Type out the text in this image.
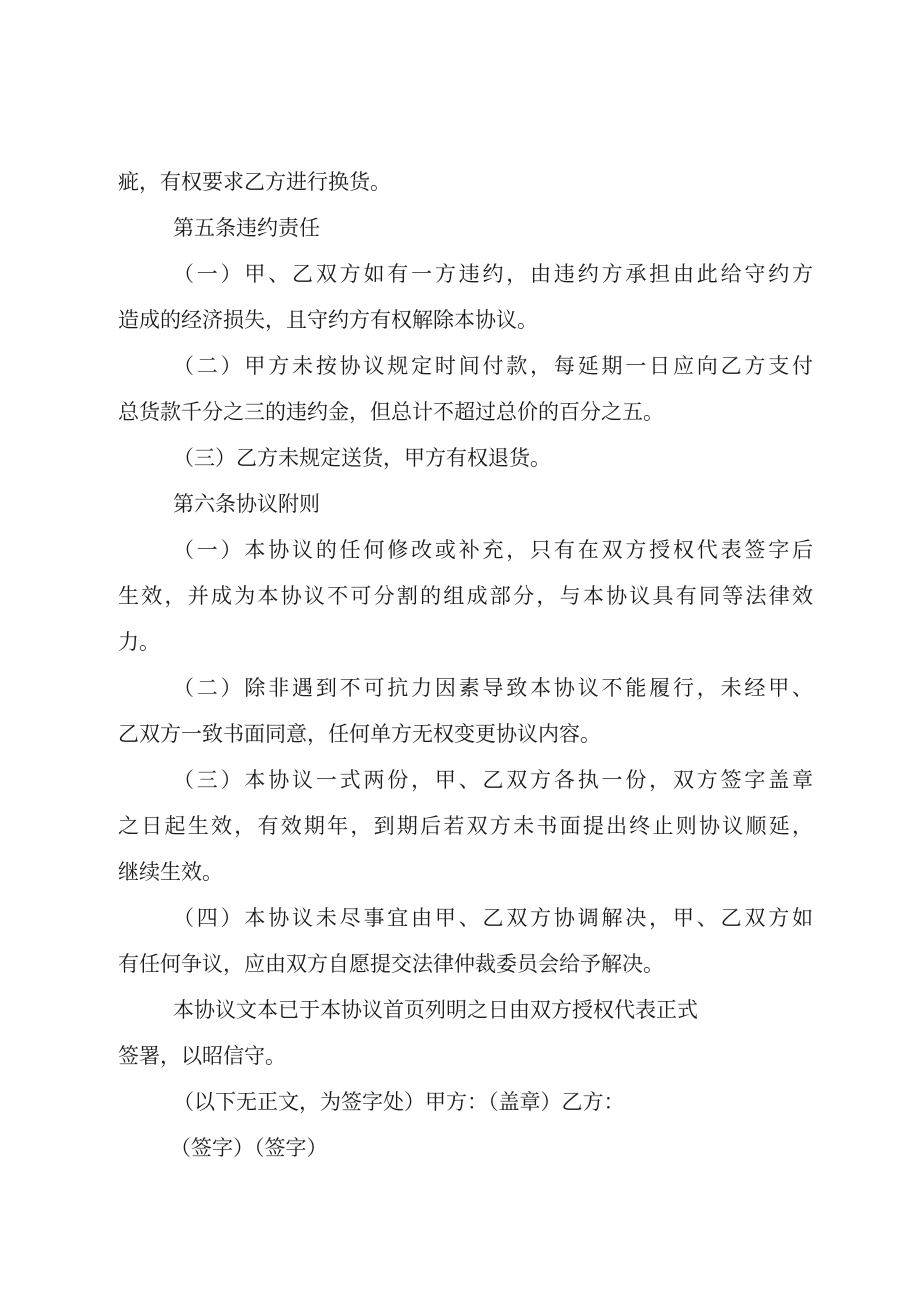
疵，有权要求乙方进行换货。
第五条违约责任
（一）甲、乙双方如有一方违约，由违约方承担由此给守约方
造成的经济损失，且守约方有权解除本协议。
（二）甲方未按协议规定时间付款，每延期一日应向乙方支付
总货款千分之三的违约金，但总计不超过总价的百分之五。
（三）乙方未规定送货，甲方有权退货。
第六条协议附则
（一）本协议的任何修改或补充，只有在双方授权代表签字后
生效，并成为本协议不可分割的组成部分，与本协议具有同等法律效
力。
（二）除非遇到不可抗力因素导致本协议不能履行，未经甲、
乙双方一致书面同意，任何单方无权变更协议内容。
（三）本协议一式两份，甲、乙双方各执一份，双方签字盖章
之日起生效，有效期年，到期后若双方未书面提出终止则协议顺延，
继续生效。
（四）本协议未尽事宜由甲、乙双方协调解决，甲、乙双方如
有任何争议，应由双方自愿提交法律仲裁委员会给予解决。
本协议文本已于本协议首页列明之日由双方授权代表正式
签署，以昭信守。
（以下无正文，为签字处）甲方：（盖章）乙方：
（签字）（签字）
